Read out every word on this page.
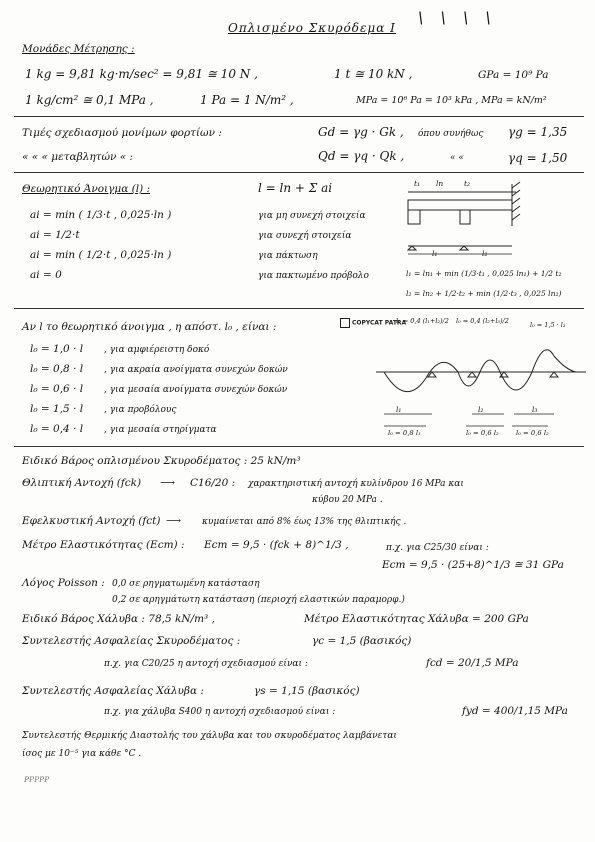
Οπλισμένο Σκυρόδεμα Ι
\ \ \ \
Μονάδες Μέτρησης :
1 kg = 9,81 kg·m/sec² = 9,81 ≅ 10 N ,	1 t ≅ 10 kN ,	GPa = 10⁹ Pa
1 kg/cm² ≅ 0,1 MPa ,	1 Pa = 1 N/m² ,	MPa = 10⁶ Pa = 10³ kPa , MPa = kN/m²
Τιμές σχεδιασμού μονίμων φορτίων :	Gd = γg · Gk , όπου συνήθως γg = 1,35
« « « μεταβλητών « :	Qd = γq · Qk ,	« «	γq = 1,50
Θεωρητικό Άνοιγμα (l) :	l = ln + Σ ai
ai = min ( 1/3·t , 0,025·ln )	για μη συνεχή στοιχεία
ai = 1/2·t	για συνεχή στοιχεία
ai = min ( 1/2·t , 0,025·ln )	για πάκτωση
ai = 0	για πακτωμένο πρόβολο
t₁ ln	t₂
l₁	l₂
l₁ = ln₁ + min (1/3·t₁ , 0,025 ln₁) + 1/2 t₂
l₂ = ln₂ + 1/2·t₂ + min (1/2·t₃ , 0,025 ln₂)
Αν l το θεωρητικό άνοιγμα , η απόστ. l₀ , είναι :	COPYCAT PATRA
l₀ = 1,0 · l , για αμφιέρειστη δοκό
l₀ = 0,8 · l , για ακραία ανοίγματα συνεχών δοκών
l₀ = 0,6 · l , για μεσαία ανοίγματα συνεχών δοκών
l₀ = 1,5 · l , για προβόλους
l₀ = 0,4 · l , για μεσαία στηρίγματα
l₀ = 0,4 (l₁+l₂)/2 l₀ = 0,4 (l₂+l₃)/2	l₀ = 1,5 · l₃
l₁	l₂	l₃
l₀ = 0,8 l₁	l₀ = 0,6 l₂	l₀ = 0,6 l₂
Ειδικό Βάρος οπλισμένου Σκυροδέματος : 25 kN/m³
Θλιπτική Αντοχή (fck) ⟶ C16/20 : χαρακτηριστική αντοχή κυλίνδρου 16 MPa και
κύβου 20 MPa .
Εφελκυστική Αντοχή (fct) ⟶ κυμαίνεται από 8% έως 13% της θλιπτικής .
Μέτρο Ελαστικότητας (Ecm) : Ecm = 9,5 · (fck + 8)^1/3 ,	π.χ. για C25/30 είναι :
Ecm = 9,5 · (25+8)^1/3 ≅ 31 GPa
Λόγος Poisson : 0,0 σε ρηγματωμένη κατάσταση
0,2 σε αρηγμάτωτη κατάσταση (περιοχή ελαστικών παραμορφ.)
Ειδικό Βάρος Χάλυβα : 78,5 kN/m³ ,	Μέτρο Ελαστικότητας Χάλυβα = 200 GPa
Συντελεστής Ασφαλείας Σκυροδέματος :	γc = 1,5 (βασικός)
π.χ. για C20/25 η αντοχή σχεδιασμού είναι :	fcd = 20/1,5 MPa
Συντελεστής Ασφαλείας Χάλυβα :	γs = 1,15 (βασικός)
π.χ. για χάλυβα S400 η αντοχή σχεδιασμού είναι :	fyd = 400/1,15 MPa
Συντελεστής Θερμικής Διαστολής του χάλυβα και του σκυροδέματος λαμβάνεται
ίσος με 10⁻⁵ για κάθε °C .
PPPPP
